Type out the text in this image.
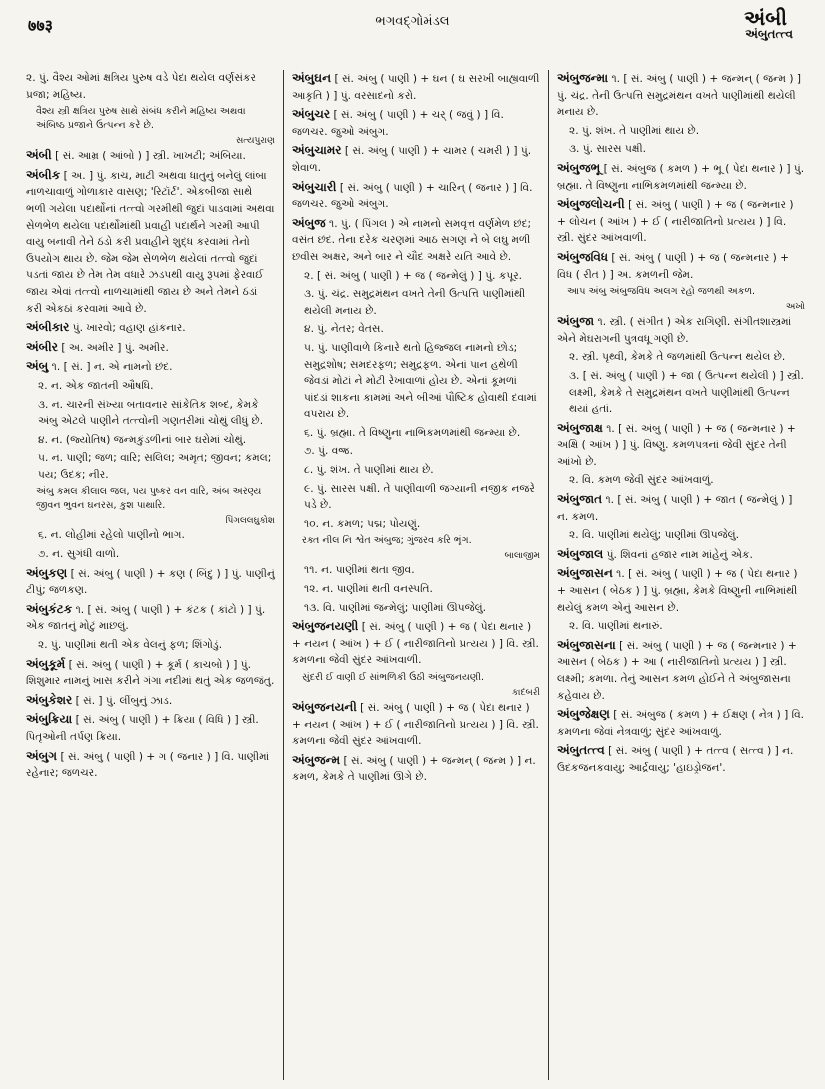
७७३	ભગવદ્ગોમંડલ	અંબી
અંબુતત્ત્વ
૨. પું. વૈશ્ય ઓમાં ક્ષત્રિય પુરુષ વડે પેદા થયેલ વર્ણસંકર પ્રજા; મહિષ્ય.
વૈશ્ય સ્ત્રી ક્ષત્રિય પુરુષ સાથે સંબંધ કરીને મહિષ્ય અથવા અંબિષ્ઠ પ્રજાને ઉત્પન્ન કરે છે.
સત્યપુરાણ
અંબી [ સં. આમ્ર ( આંબો ) ] સ્ત્રી. ખાખટી; અંબિયા.
અંબીક [ અ. ] પું. કાચ, માટી અથવા ધાતુનું બનેલું લાંબા નાળચાવાળું ગોળાકાર વાસણ; 'રિટૉર્ટ'. એકબીજા સાથે ભળી ગયેલા પદાર્થોનાં તત્ત્વો ગરમીથી જુદાં પાડવામાં અથવા સેળભેળ થયેલા પદાર્થોમાંથી પ્રવાહી પદાર્થને ગરમી આપી વાયુ બનાવી તેને ઠંડો કરી પ્રવાહીને શુદ્ધ કરવામાં તેનો ઉપયોગ થાય છે. જેમ જેમ સેળભેળ થયેલાં તત્ત્વો જુદાં પડતાં જાય છે તેમ તેમ વધારે ઝડપથી વાયુ રૂપમાં ફેરવાઈ જાય એવાં તત્ત્વો નાળચામાંથી જાય છે અને તેમને ઠંડાં કરી એકઠાં કરવામાં આવે છે.
અંબીકાર પું. ખારવો; વહાણ હાંકનાર.
અંબીર [ અ. અમીર ] પું. અમીર.
અંબુ ૧. [ સં. ] ન. એ નામનો છંદ.
૨. ન. એક જાતની ઔષધિ.
૩. ન. ચારની સંખ્યા બતાવનાર સાંકેતિક શબ્દ, કેમકે અંબુ એટલે પાણીને તત્ત્વોની ગણતરીમાં ચોથું લીધું છે.
૪. ન. (જ્યોતિષ) જન્મકુંડળીનાં બાર ઘરોમાં ચોથું.
૫. ન. પાણી; જળ; વારિ; સલિલ; અમૃત; જીવન; કમલ; પય; ઉદક; નીર.
અંબુ કમલ કીલાલ જલ, પય પુષ્કર વન વારિ, અંબ અરણ્ય જીવન ભુવન ઘનરસ, કુશ પાથારિ.
પિંગલલઘુકોશ
૬. ન. લોહીમાં રહેલો પાણીનો ભાગ.
૭. ન. સુગંધી વાળો.
અંબુકણ [ સં. અંબુ ( પાણી ) + કણ ( બિંદુ ) ] પું. પાણીનું ટીપું; જળકણ.
અંબુકંટક ૧. [ સં. અંબુ ( પાણી ) + કંટક ( કાંટો ) ] પું. એક જાતનું મોટું માછલું.
૨. પું. પાણીમાં થતી એક વેલનું ફળ; શિંગોડું.
અંબુકૂર્મ [ સં. અંબુ ( પાણી ) + કૂર્મ ( કાચબો ) ] પું. શિશુમાર નામનું ખાસ કરીને ગંગા નદીમાં થતું એક જળજંતુ.
અંબુકેશર [ સં. ] પું. લીંબુનું ઝાડ.
અંબુક્રિયા [ સં. અંબુ ( પાણી ) + ક્રિયા ( વિધિ ) ] સ્ત્રી. પિતૃઓની તર્પણ ક્રિયા.
અંબુગ [ સં. અંબુ ( પાણી ) + ગ ( જનાર ) ] વિ. પાણીમાં રહેનાર; જળચર.
અંબુઘન [ સં. અંબુ ( પાણી ) + ઘન ( ઘ સરખી બાહ્યવાળી આકૃતિ ) ] પું. વરસાદનો કરો.
અંબુચર [ સં. અંબુ ( પાણી ) + ચર્ ( જવું ) ] વિ. જળચર. જુઓ અંબુગ.
અંબુચામર [ સં. અંબુ ( પાણી ) + ચામર ( ચમરી ) ] પું. શેવાળ.
અંબુચારી [ સં. અંબુ ( પાણી ) + ચારિન્ ( જનાર ) ] વિ. જળચર. જુઓ અંબુગ.
અંબુજ ૧. પું. ( પિંગલ ) એ નામનો સમવૃત્ત વર્ણમેળ છંદ; વસંત છંદ. તેના દરેક ચરણમાં આઠ સગણ ને બે લઘુ મળી છવીસ અક્ષર, અને બાર ને ચૌદ અક્ષરે યતિ આવે છે.
૨. [ સં. અંબુ ( પાણી ) + જ ( જન્મેલું ) ] પું. કપૂર.
૩. પું. ચંદ્ર. સમુદ્રમંથન વખતે તેની ઉત્પત્તિ પાણીમાંથી થયેલી મનાય છે.
૪. પું. નેતર; વેતસ.
૫. પું. પાણીવાળે કિનારે થતો હિજ્જલ નામનો છોડ; સમુદ્રશોષ; સમદરફળ; સમુદ્રફળ. એનાં પાન હથેળી જેવડાં મોટાં ને મોટી રેખાવાળાં હોય છે. એનાં કૂમળાં પાંદડાં શાકના કામમાં અને બીઆં પૌષ્ટિક હોવાથી દવામાં વપરાય છે.
૬. પું. બ્રહ્મા. તે વિષ્ણુના નાભિકમળમાંથી જન્મ્યા છે.
૭. પું. વજ્ર.
૮. પું. શંખ. તે પાણીમાં થાય છે.
૯. પું. સારસ પક્ષી. તે પાણીવાળી જગ્યાની નજીક નજરે પડે છે.
૧૦. ન. કમળ; પદ્મ; પોયણું.
રક્ત નીલ નિ શ્વેત અંબુજ; ગુંજરવ કરિ ભૃંગ.
બાલાજીમ
૧૧. ન. પાણીમાં થતા જીવ.
૧૨. ન. પાણીમાં થતી વનસ્પતિ.
૧૩. વિ. પાણીમાં જન્મેલું; પાણીમાં ઊપજેલું.
અંબુજનયણી [ સં. અંબુ ( પાણી ) + જ ( પેદા થનાર ) + નયન ( આંખ ) + ઈ ( નારીજાતિનો પ્રત્યય ) ] વિ. સ્ત્રી. કમળના જેવી સુંદર આંખવાળી.
સુંદરી ઈ વાણી ઈ સાંભળિકી ઉઠી અંબુજનયણી.
કાદંબરી
અંબુજનયની [ સં. અંબુ ( પાણી ) + જ ( પેદા થનાર ) + નયન ( આંખ ) + ઈ ( નારીજાતિનો પ્રત્યય ) ] વિ. સ્ત્રી. કમળના જેવી સુંદર આંખવાળી.
અંબુજન્મ [ સં. અંબુ ( પાણી ) + જન્મન્ ( જન્મ ) ] ન. કમળ, કેમકે તે પાણીમાં ઊગે છે.
અંબુજન્મા ૧. [ સં. અંબુ ( પાણી ) + જન્મન્ ( જન્મ ) ] પું. ચંદ્ર. તેની ઉત્પત્તિ સમુદ્રમંથન વખતે પાણીમાંથી થયેલી મનાય છે.
૨. પું. શંખ. તે પાણીમાં થાય છે.
૩. પું. સારસ પક્ષી.
અંબુજભૂ [ સં. અંબુજ ( કમળ ) + ભૂ ( પેદા થનાર ) ] પું. બ્રહ્મા. તે વિષ્ણુના નાભિકમળમાંથી જન્મ્યા છે.
અંબુજલોચની [ સં. અંબુ ( પાણી ) + જ ( જન્મનાર ) + લોચન ( આંખ ) + ઈ ( નારીજાતિનો પ્રત્યય ) ] વિ. સ્ત્રી. સુંદર આંખવાળી.
અંબુજવિધ [ સં. અંબુ ( પાણી ) + જ ( જન્મનાર ) + વિધ ( રીત ) ] અ. કમળની જેમ.
આપ અંબુ અંબુજવિધ અલગ રહો જળથી અકળ.
અખો
અંબુજા ૧. સ્ત્રી. ( સંગીત ) એક રાગિણી. સંગીતશાસ્ત્રમાં એને મેઘરાગની પુત્રવધૂ ગણી છે.
૨. સ્ત્રી. પૃથ્વી, કેમકે તે જળમાંથી ઉત્પન્ન થયેલ છે.
૩. [ સં. અંબુ ( પાણી ) + જા ( ઉત્પન્ન થયેલી ) ] સ્ત્રી. લક્ષ્મી, કેમકે તે સમુદ્રમંથન વખતે પાણીમાંથી ઉત્પન્ન થયાં હતાં.
અંબુજાક્ષ ૧. [ સં. અંબુ ( પાણી ) + જ ( જન્મનાર ) + અક્ષિ ( આંખ ) ] પું. વિષ્ણુ. કમળપત્રનાં જેવી સુંદર તેની આંખો છે.
૨. વિ. કમળ જેવી સુંદર આંખવાળું.
અંબુજાત ૧. [ સં. અંબુ ( પાણી ) + જાત ( જન્મેલું ) ] ન. કમળ.
૨. વિ. પાણીમાં થયેલું; પાણીમાં ઊપજેલું.
અંબુજાલ પું. શિવનાં હજાર નામ માંહેનું એક.
અંબુજાસન ૧. [ સં. અંબુ ( પાણી ) + જ ( પેદા થનાર ) + આસન ( બેઠક ) ] પું. બ્રહ્મા, કેમકે વિષ્ણુની નાભિમાંથી થયેલું કમળ એનું આસન છે.
૨. વિ. પાણીમાં થનારું.
અંબુજાસના [ સં. અંબુ ( પાણી ) + જ ( જન્મનાર ) + આસન ( બેઠક ) + આ ( નારીજાતિનો પ્રત્યય ) ] સ્ત્રી. લક્ષ્મી; કમળા. તેનું આસન કમળ હોઈને તે અંબુજાસના કહેવાય છે.
અંબુજેક્ષણ [ સં. અંબુજ ( કમળ ) + ઈક્ષણ ( નેત્ર ) ] વિ. કમળના જેવાં નેત્રવાળું; સુંદર આંખવાળું.
અંબુતત્ત્વ [ સં. અંબુ ( પાણી ) + તત્ત્વ ( સત્ત્વ ) ] ન. ઉદકજનકવાયુ; આર્દ્રવાયુ; 'હાઇડ્રોજન'.
